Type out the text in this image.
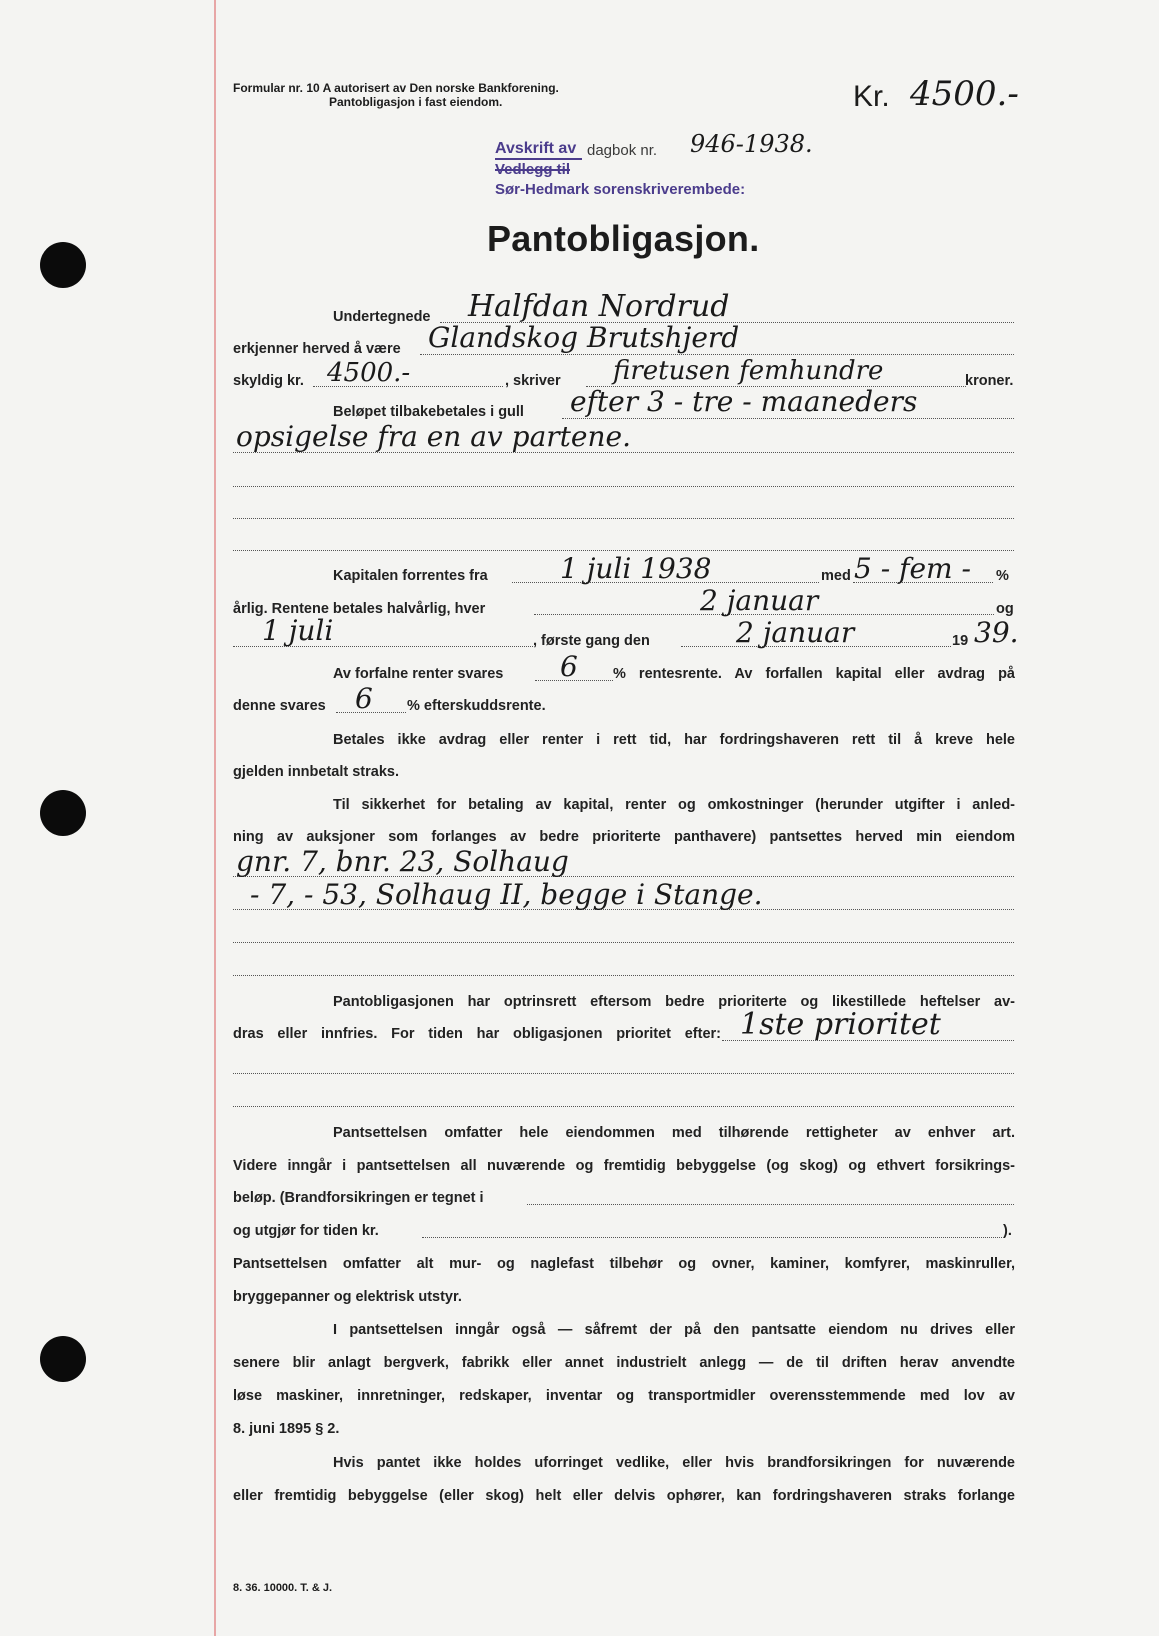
Formular nr. 10 A autorisert av Den norske Bankforening.
Pantobligasjon i fast eiendom.	Kr. 4500.-
Avskrift av dagbok nr. 946-1938.
Vedlegg til
Sør-Hedmark sorenskriverembede:
Pantobligasjon.
Undertegnede Halfdan Nordrud
erkjenner herved å være Glandskog Brutshjerd
skyldig kr. 4500.-	, skriver firetusen femhundre	kroner.
Beløpet tilbakebetales i gull efter 3 - tre - maaneders
opsigelse fra en av partene.
Kapitalen forrentes fra	1 juli 1938	med 5 - fem - %
årlig. Rentene betales halvårlig, hver	2 januar	og
1 juli	, første gang den	2 januar	19 39.
Av forfalne renter svares 6 % rentesrente. Av forfallen kapital eller avdrag på
denne svares 6 % efterskuddsrente.
Betales ikke avdrag eller renter i rett tid, har fordringshaveren rett til å kreve hele
gjelden innbetalt straks.
Til sikkerhet for betaling av kapital, renter og omkostninger (herunder utgifter i anled-
ning av auksjoner som forlanges av bedre prioriterte panthavere) pantsettes herved min eiendom
gnr. 7, bnr. 23, Solhaug
- 7, - 53, Solhaug II, begge i Stange.
Pantobligasjonen har optrinsrett eftersom bedre prioriterte og likestillede heftelser av-
dras eller innfries. For tiden har obligasjonen prioritet efter: 1ste prioritet
Pantsettelsen omfatter hele eiendommen med tilhørende rettigheter av enhver art.
Videre inngår i pantsettelsen all nuværende og fremtidig bebyggelse (og skog) og ethvert forsikrings-
beløp. (Brandforsikringen er tegnet i
og utgjør for tiden kr.	).
Pantsettelsen omfatter alt mur- og naglefast tilbehør og ovner, kaminer, komfyrer, maskinruller,
bryggepanner og elektrisk utstyr.
I pantsettelsen inngår også — såfremt der på den pantsatte eiendom nu drives eller
senere blir anlagt bergverk, fabrikk eller annet industrielt anlegg — de til driften herav anvendte
løse maskiner, innretninger, redskaper, inventar og transportmidler overensstemmende med lov av
8. juni 1895 § 2.
Hvis pantet ikke holdes uforringet vedlike, eller hvis brandforsikringen for nuværende
eller fremtidig bebyggelse (eller skog) helt eller delvis ophører, kan fordringshaveren straks forlange
8. 36. 10000. T. & J.
